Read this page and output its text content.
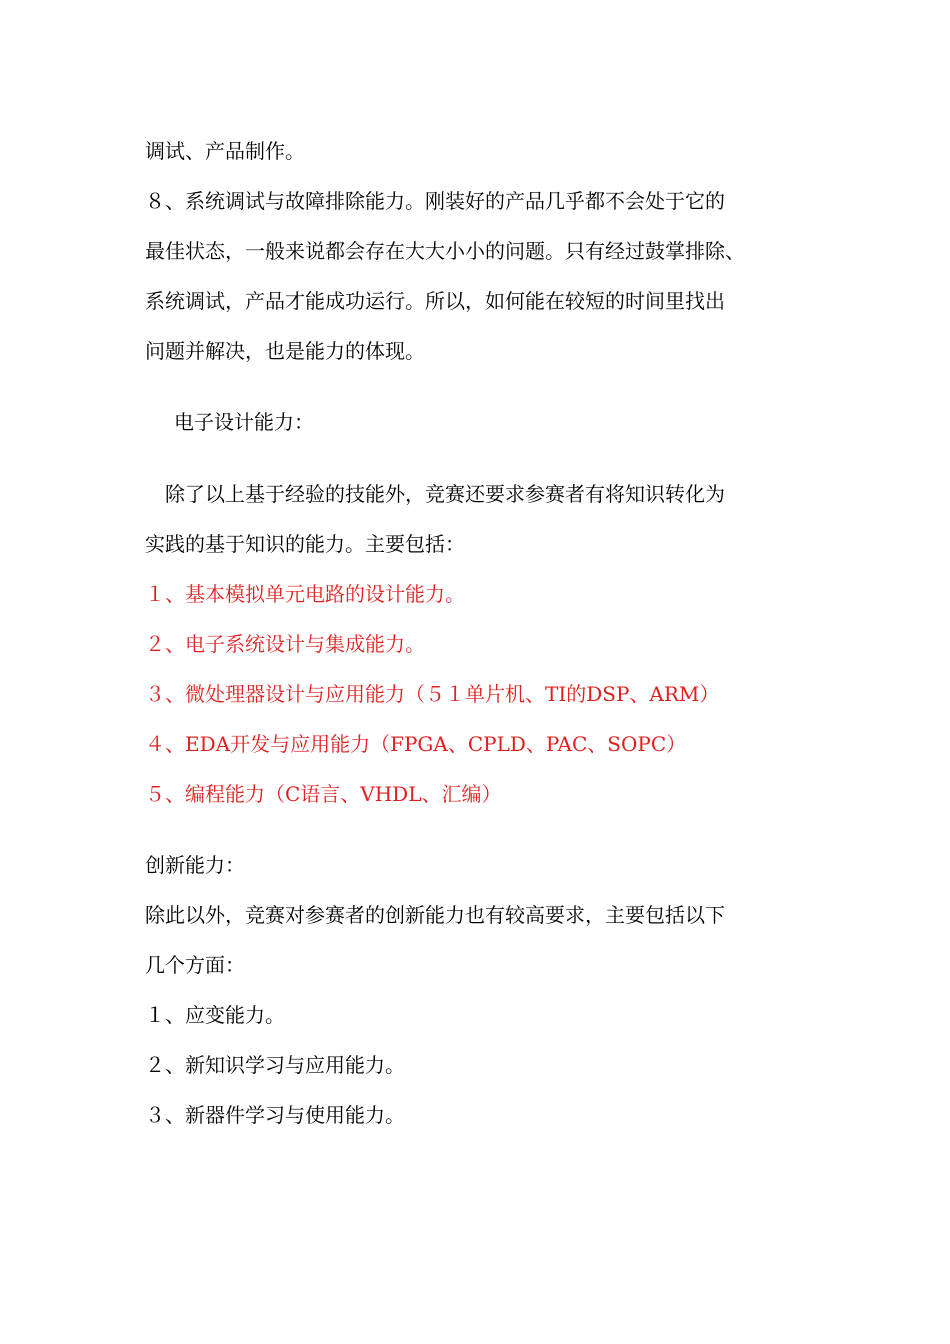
调试、产品制作。
８、系统调试与故障排除能力。刚装好的产品几乎都不会处于它的
最佳状态，一般来说都会存在大大小小的问题。只有经过鼓掌排除、
系统调试，产品才能成功运行。所以，如何能在较短的时间里找出
问题并解决，也是能力的体现。
电子设计能力：
除了以上基于经验的技能外，竞赛还要求参赛者有将知识转化为
实践的基于知识的能力。主要包括：
１、基本模拟单元电路的设计能力。
２、电子系统设计与集成能力。
３、微处理器设计与应用能力（５１单片机、TI的DSP、ARM）
４、EDA开发与应用能力（FPGA、CPLD、PAC、SOPC）
５、编程能力（C语言、VHDL、汇编）
创新能力：
除此以外，竞赛对参赛者的创新能力也有较高要求，主要包括以下
几个方面：
１、应变能力。
２、新知识学习与应用能力。
３、新器件学习与使用能力。
